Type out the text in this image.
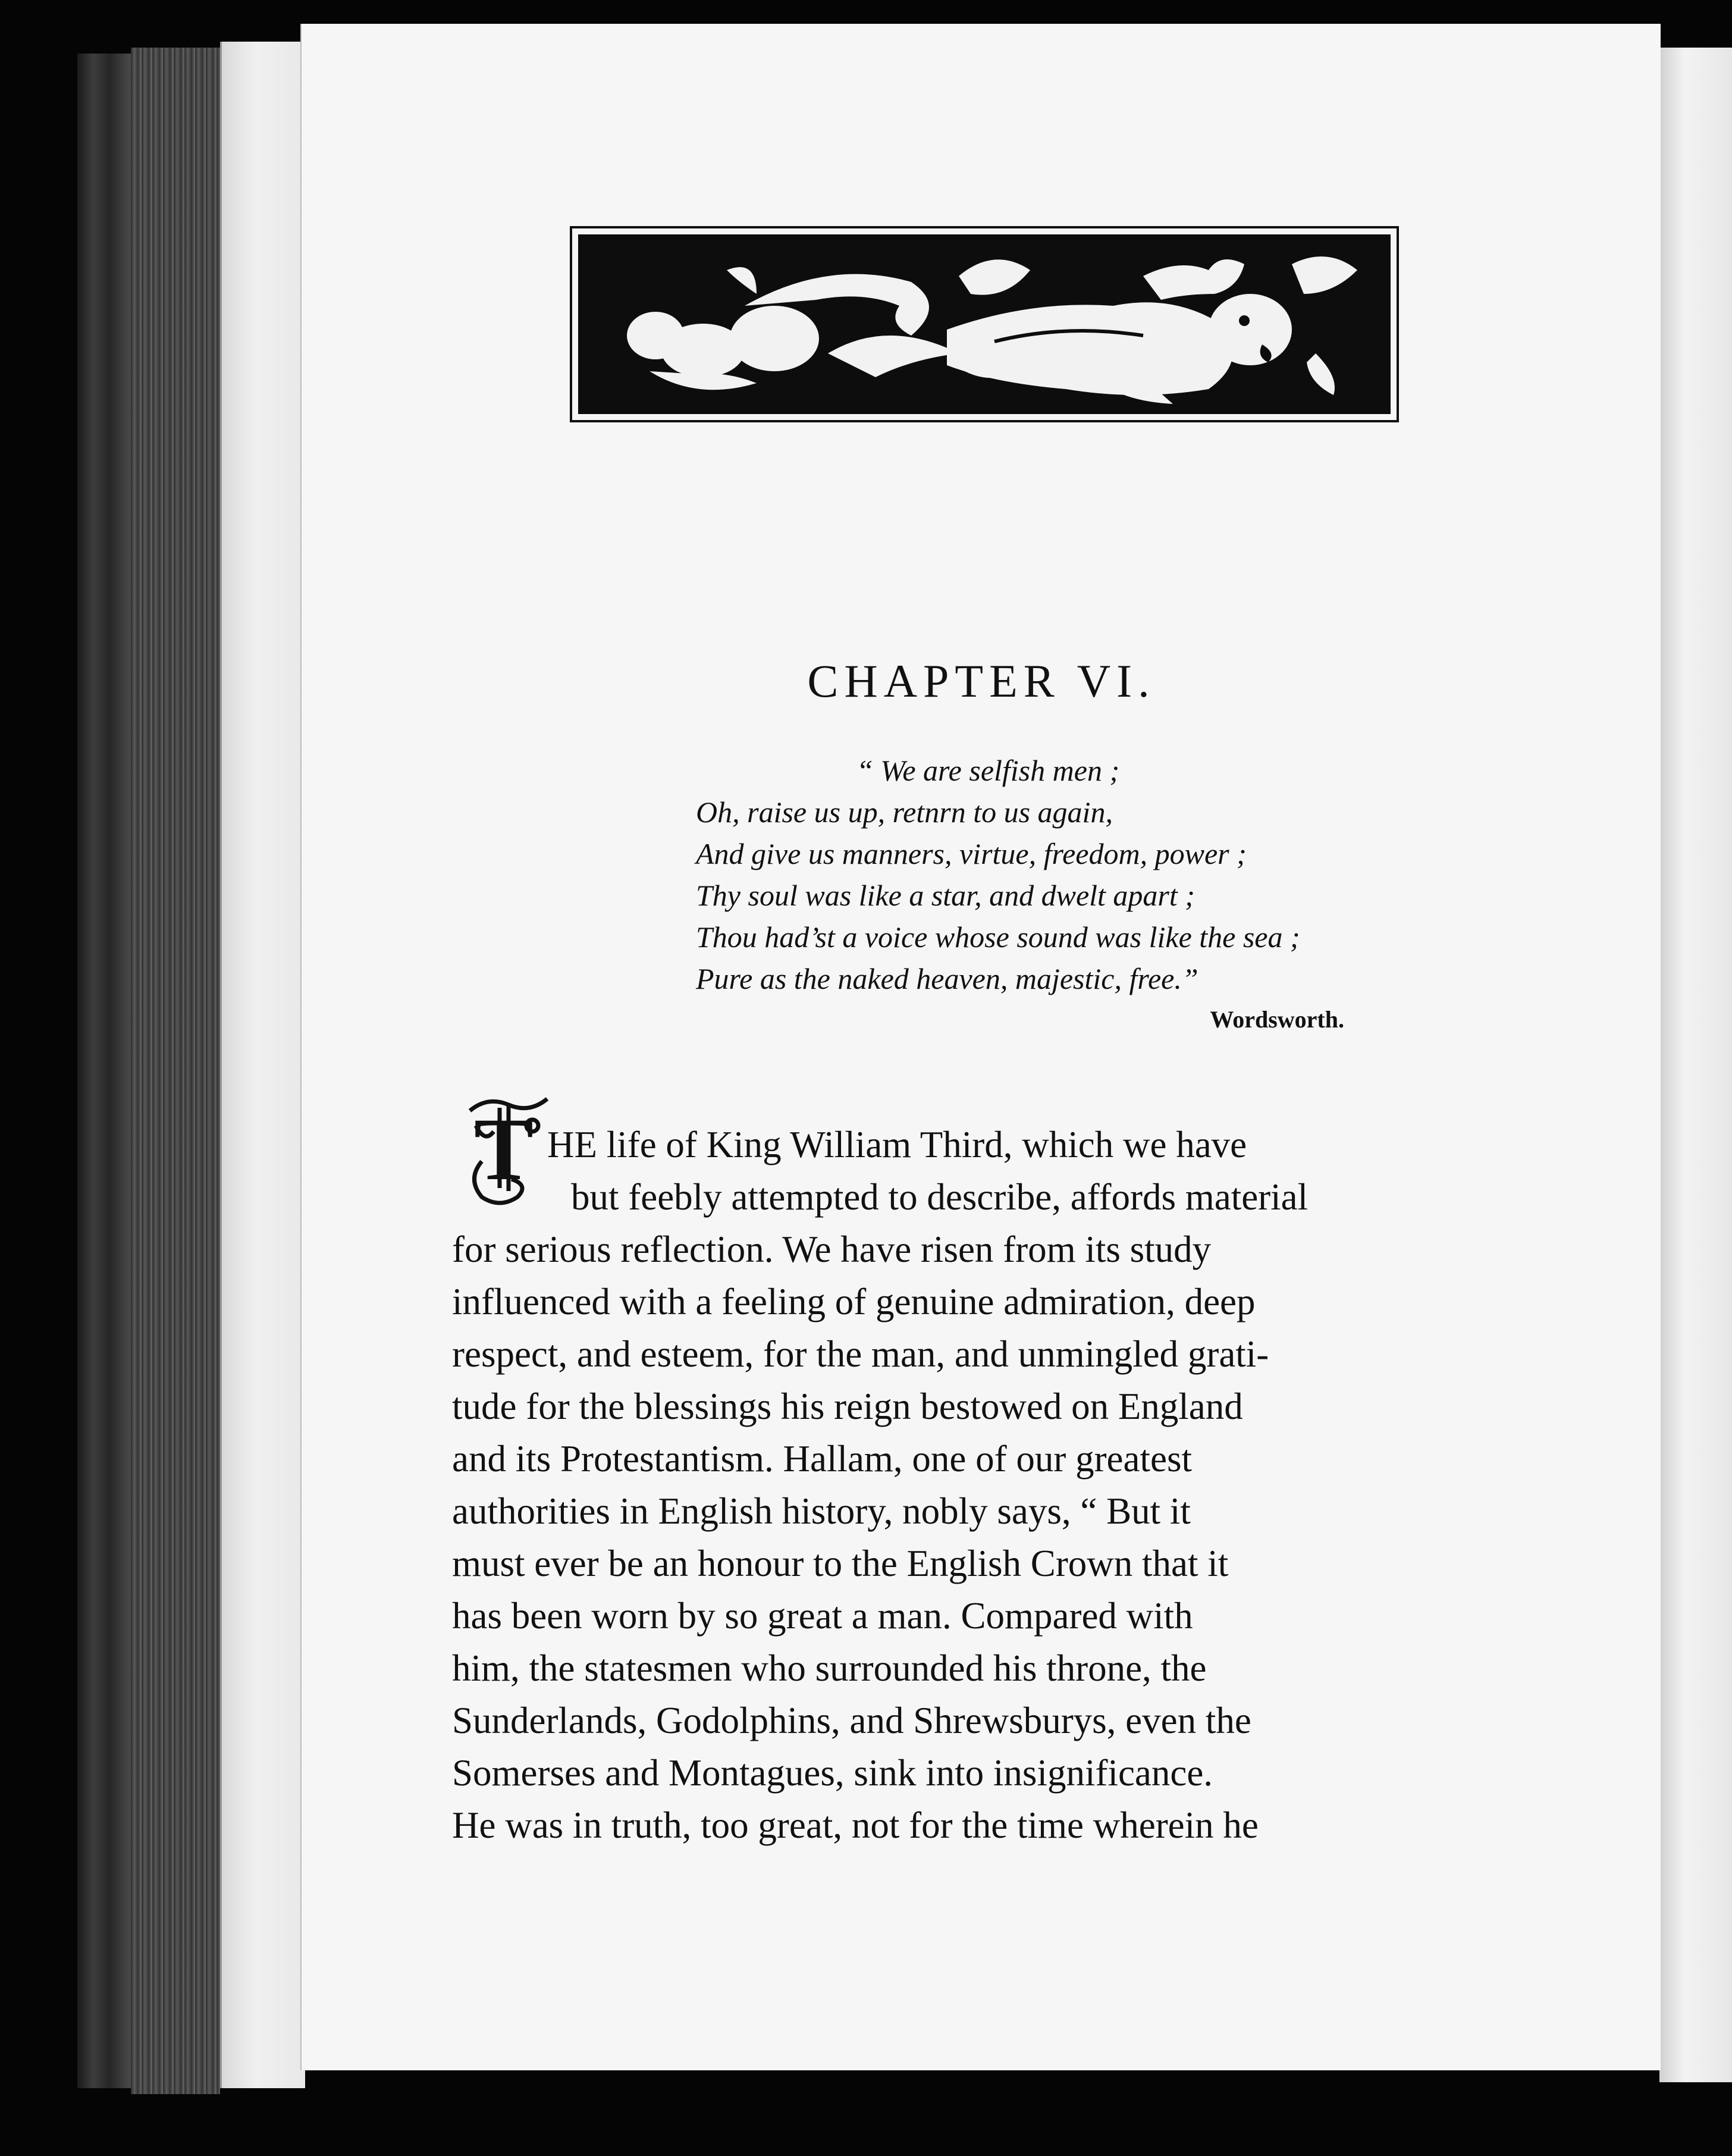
CHAPTER VI.
“ We are selfish men ;
Oh, raise us up, retnrn to us again,
And give us manners, virtue, freedom, power ;
Thy soul was like a star, and dwelt apart ;
Thou had’st a voice whose sound was like the sea ;
Pure as the naked heaven, majestic, free.”
Wordsworth.
T HE life of King William Third, which we have
but feebly attempted to describe, affords material
for serious reflection. We have risen from its study
influenced with a feeling of genuine admiration, deep
respect, and esteem, for the man, and unmingled grati-
tude for the blessings his reign bestowed on England
and its Protestantism. Hallam, one of our greatest
authorities in English history, nobly says, “ But it
must ever be an honour to the English Crown that it
has been worn by so great a man. Compared with
him, the statesmen who surrounded his throne, the
Sunderlands, Godolphins, and Shrewsburys, even the
Somerses and Montagues, sink into insignificance.
He was in truth, too great, not for the time wherein he
